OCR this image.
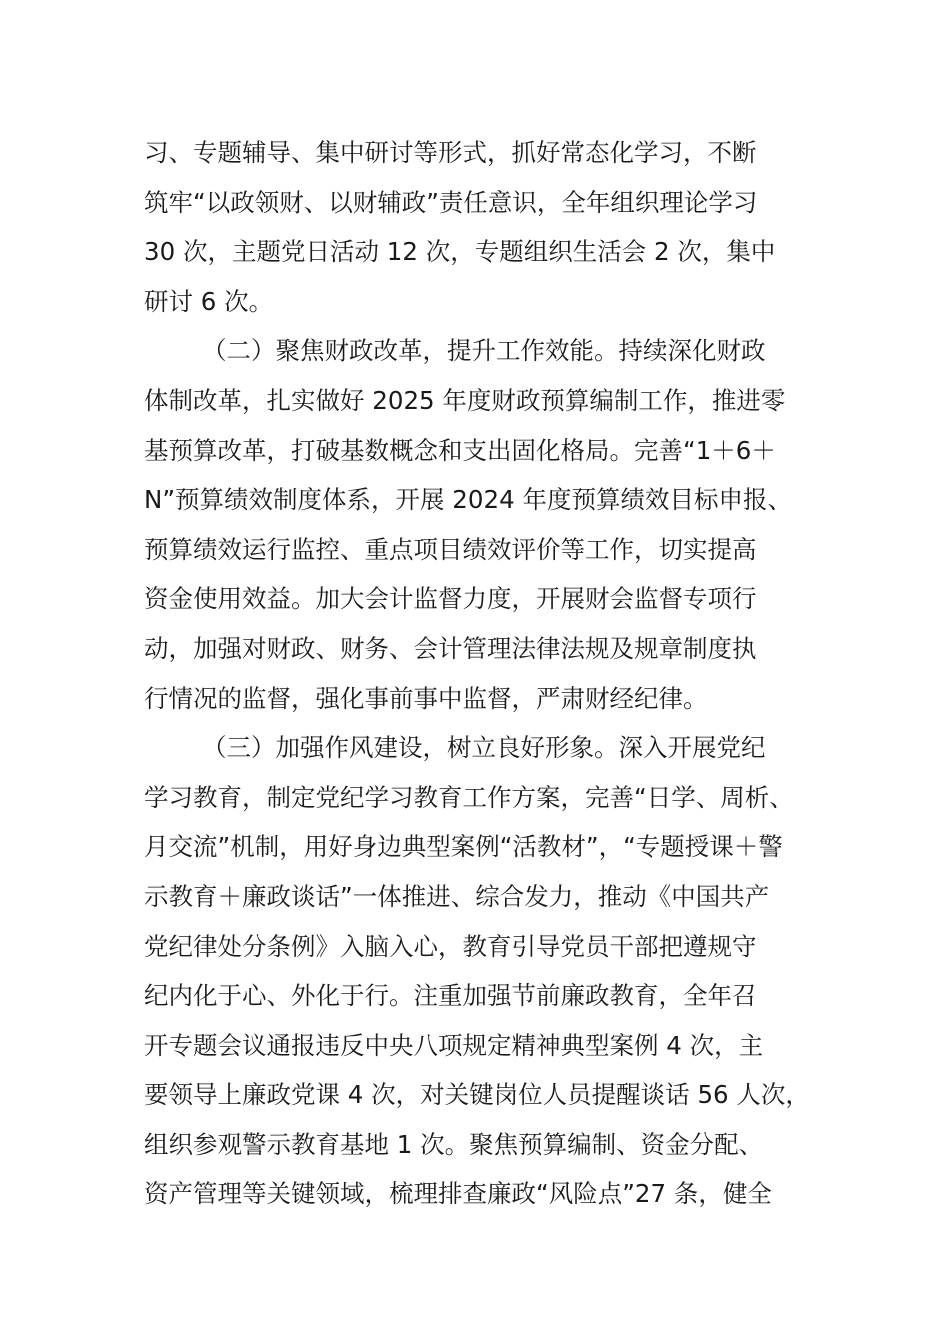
习、专题辅导、集中研讨等形式，抓好常态化学习，不断
筑牢“以政领财、以财辅政”责任意识，全年组织理论学习
30 次，主题党日活动 12 次，专题组织生活会 2 次，集中
研讨 6 次。
（二）聚焦财政改革，提升工作效能。持续深化财政
体制改革，扎实做好 2025 年度财政预算编制工作，推进零
基预算改革，打破基数概念和支出固化格局。完善“1＋6＋
N”预算绩效制度体系，开展 2024 年度预算绩效目标申报、
预算绩效运行监控、重点项目绩效评价等工作，切实提高
资金使用效益。加大会计监督力度，开展财会监督专项行
动，加强对财政、财务、会计管理法律法规及规章制度执
行情况的监督，强化事前事中监督，严肃财经纪律。
（三）加强作风建设，树立良好形象。深入开展党纪
学习教育，制定党纪学习教育工作方案，完善“日学、周析、
月交流”机制，用好身边典型案例“活教材”，“专题授课＋警
示教育＋廉政谈话”一体推进、综合发力，推动《中国共产
党纪律处分条例》入脑入心，教育引导党员干部把遵规守
纪内化于心、外化于行。注重加强节前廉政教育，全年召
开专题会议通报违反中央八项规定精神典型案例 4 次，主
要领导上廉政党课 4 次，对关键岗位人员提醒谈话 56 人次，
组织参观警示教育基地 1 次。聚焦预算编制、资金分配、
资产管理等关键领域，梳理排查廉政“风险点”27 条，健全
